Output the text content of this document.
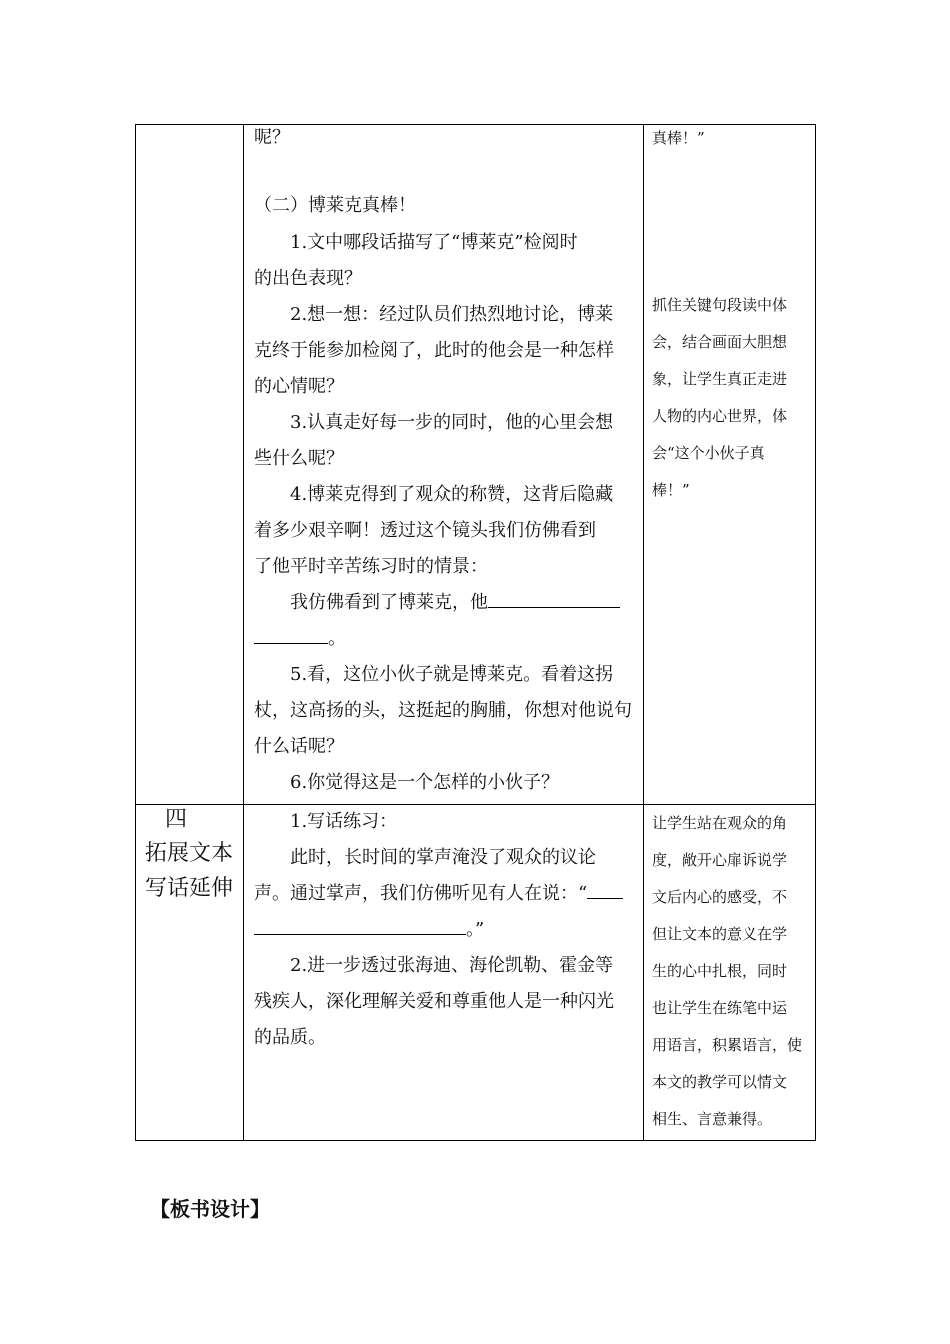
呢？
（二）博莱克真棒！
1.文中哪段话描写了“博莱克”检阅时
的出色表现？
2.想一想：经过队员们热烈地讨论，博莱
克终于能参加检阅了，此时的他会是一种怎样
的心情呢？
3.认真走好每一步的同时，他的心里会想
些什么呢？
4.博莱克得到了观众的称赞，这背后隐藏
着多少艰辛啊！透过这个镜头我们仿佛看到
了他平时辛苦练习时的情景：
我仿佛看到了博莱克，他
。
5.看，这位小伙子就是博莱克。看着这拐
杖，这高扬的头，这挺起的胸脯，你想对他说句
什么话呢？
6.你觉得这是一个怎样的小伙子？
真棒！”
抓住关键句段读中体
会，结合画面大胆想
象，让学生真正走进
人物的内心世界，体
会“这个小伙子真
棒！”
四
拓展文本
写话延伸
1.写话练习：
此时，长时间的掌声淹没了观众的议论
声。通过掌声，我们仿佛听见有人在说：“
。”
2.进一步透过张海迪、海伦凯勒、霍金等
残疾人，深化理解关爱和尊重他人是一种闪光
的品质。
让学生站在观众的角
度，敞开心扉诉说学
文后内心的感受，不
但让文本的意义在学
生的心中扎根，同时
也让学生在练笔中运
用语言，积累语言，使
本文的教学可以情文
相生、言意兼得。
【板书设计】
